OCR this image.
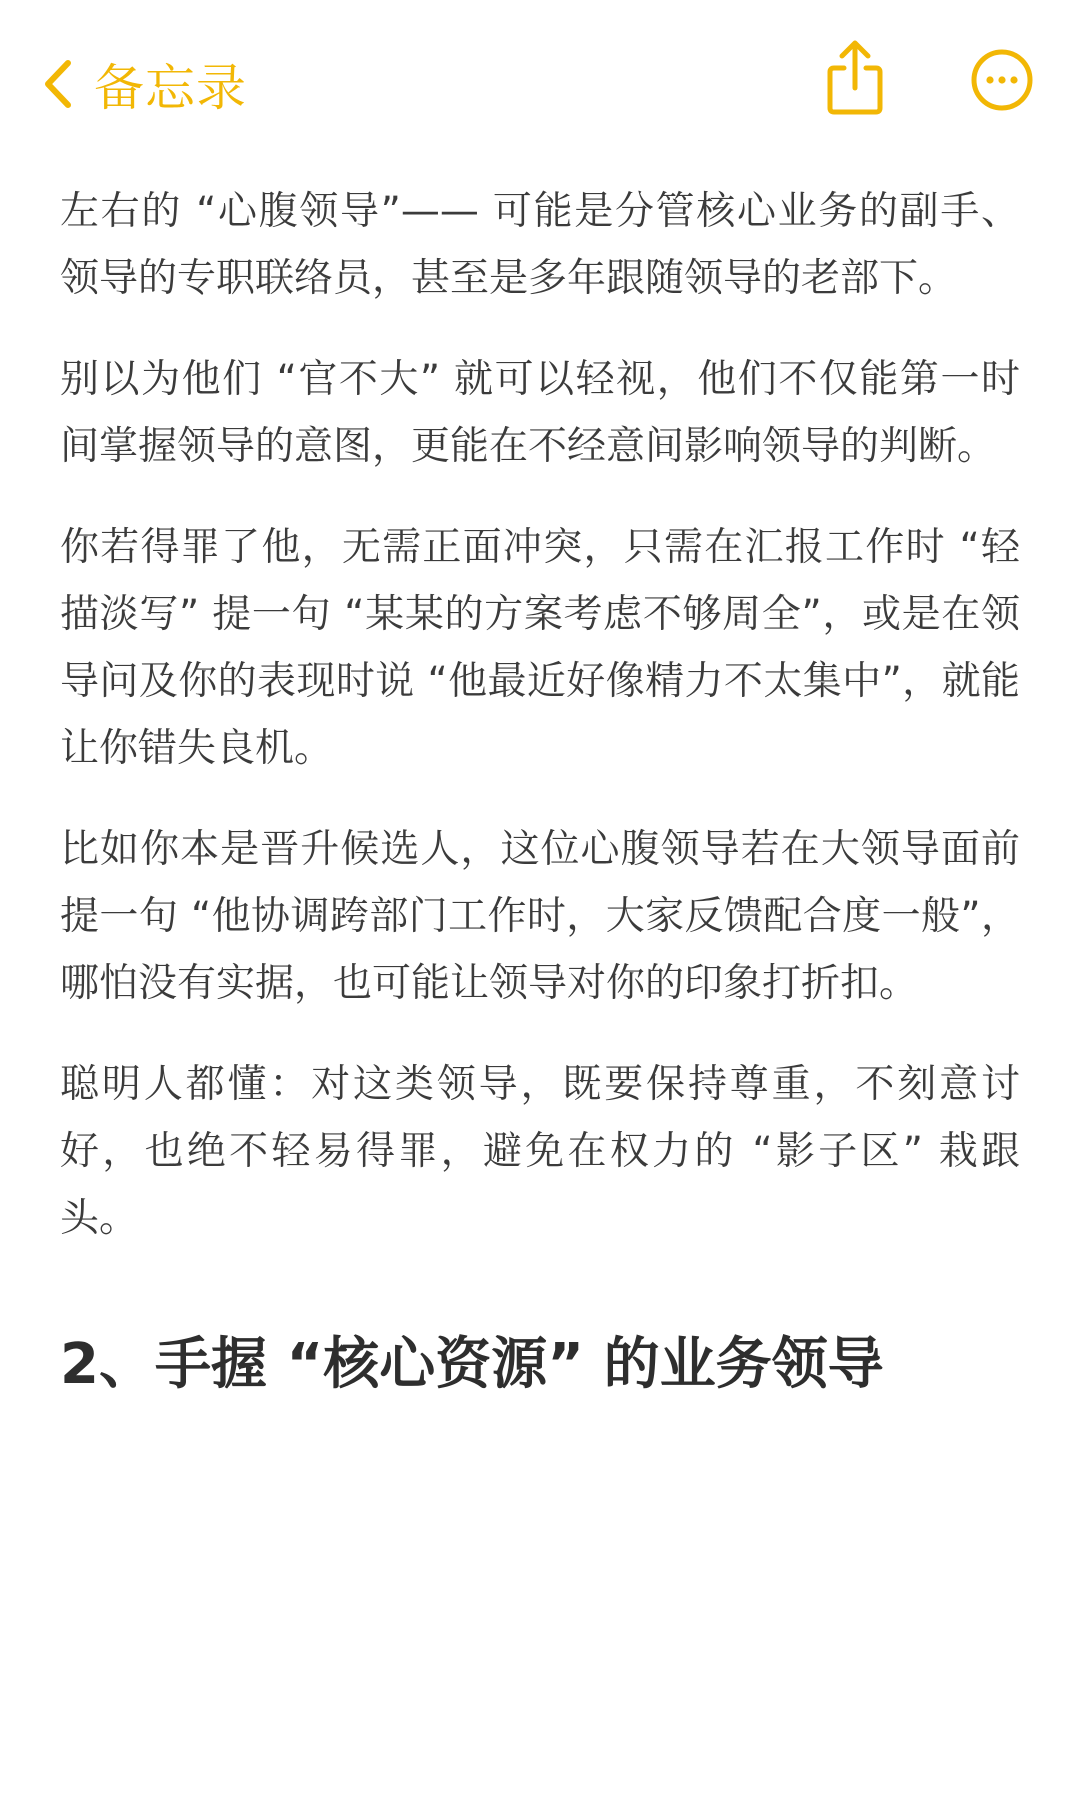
备忘录

左右的 “心腹领导”—— 可能是分管核心业务的副手、领导的专职联络员，甚至是多年跟随领导的老部下。

别以为他们 “官不大” 就可以轻视，他们不仅能第一时间掌握领导的意图，更能在不经意间影响领导的判断。

你若得罪了他，无需正面冲突，只需在汇报工作时 “轻描淡写” 提一句 “某某的方案考虑不够周全”，或是在领导问及你的表现时说 “他最近好像精力不太集中”，就能让你错失良机。

比如你本是晋升候选人，这位心腹领导若在大领导面前提一句 “他协调跨部门工作时，大家反馈配合度一般”，哪怕没有实据，也可能让领导对你的印象打折扣。

聪明人都懂：对这类领导，既要保持尊重，不刻意讨好，也绝不轻易得罪，避免在权力的 “影子区” 栽跟头。

2、手握 “核心资源” 的业务领导
